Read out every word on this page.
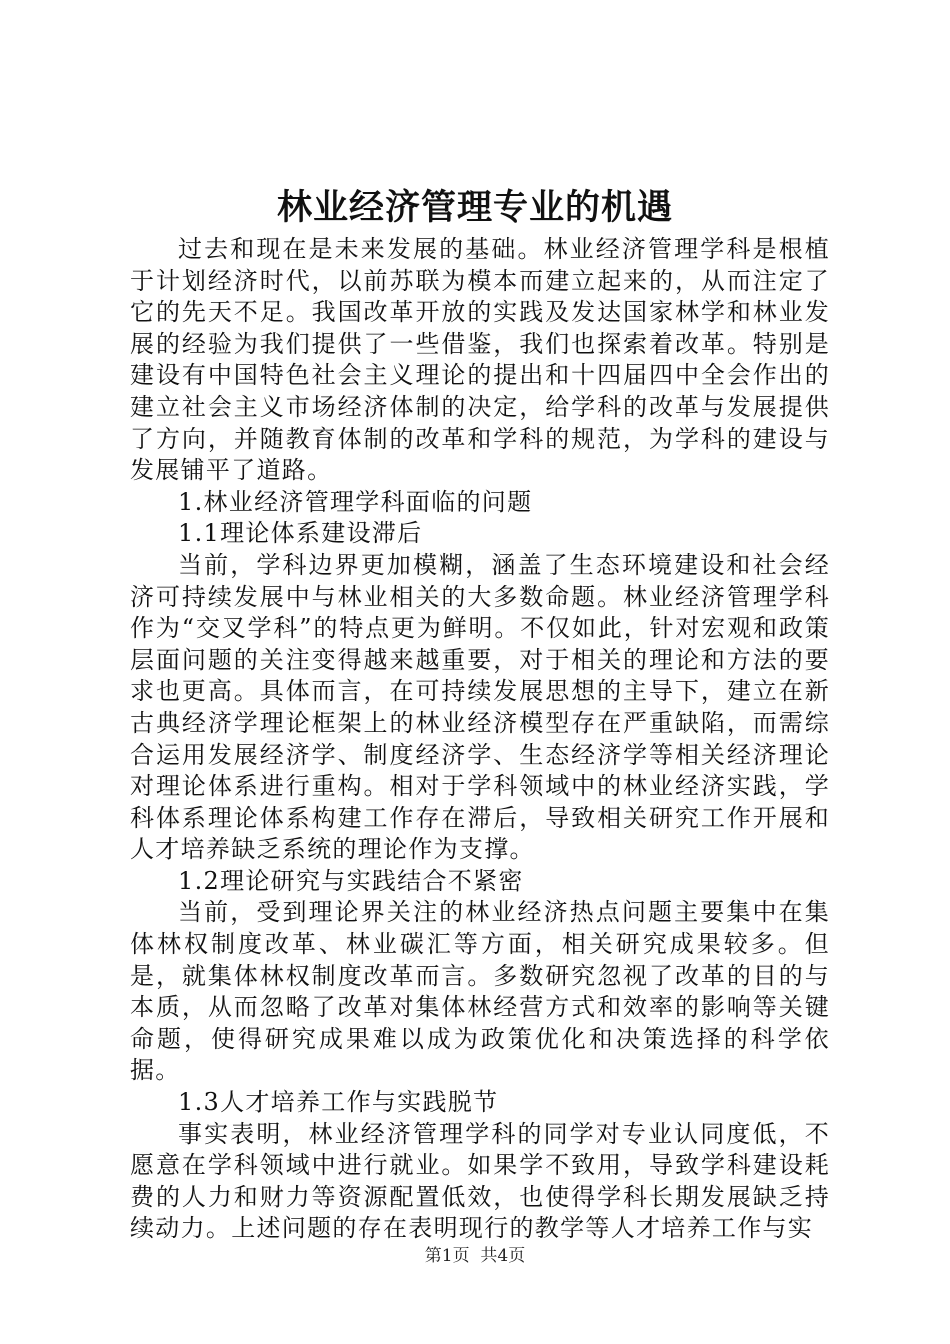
林业经济管理专业的机遇

过去和现在是未来发展的基础。林业经济管理学科是根植于计划经济时代，以前苏联为模本而建立起来的，从而注定了它的先天不足。我国改革开放的实践及发达国家林学和林业发展的经验为我们提供了一些借鉴，我们也探索着改革。特别是建设有中国特色社会主义理论的提出和十四届四中全会作出的建立社会主义市场经济体制的决定，给学科的改革与发展提供了方向，并随教育体制的改革和学科的规范，为学科的建设与发展铺平了道路。

1.林业经济管理学科面临的问题

1.1理论体系建设滞后

当前，学科边界更加模糊，涵盖了生态环境建设和社会经济可持续发展中与林业相关的大多数命题。林业经济管理学科作为“交叉学科”的特点更为鲜明。不仅如此，针对宏观和政策层面问题的关注变得越来越重要，对于相关的理论和方法的要求也更高。具体而言，在可持续发展思想的主导下，建立在新古典经济学理论框架上的林业经济模型存在严重缺陷，而需综合运用发展经济学、制度经济学、生态经济学等相关经济理论对理论体系进行重构。相对于学科领域中的林业经济实践，学科体系理论体系构建工作存在滞后，导致相关研究工作开展和人才培养缺乏系统的理论作为支撑。

1.2理论研究与实践结合不紧密

当前，受到理论界关注的林业经济热点问题主要集中在集体林权制度改革、林业碳汇等方面，相关研究成果较多。但是，就集体林权制度改革而言。多数研究忽视了改革的目的与本质，从而忽略了改革对集体林经营方式和效率的影响等关键命题，使得研究成果难以成为政策优化和决策选择的科学依据。

1.3人才培养工作与实践脱节

事实表明，林业经济管理学科的同学对专业认同度低，不愿意在学科领域中进行就业。如果学不致用，导致学科建设耗费的人力和财力等资源配置低效，也使得学科长期发展缺乏持续动力。上述问题的存在表明现行的教学等人才培养工作与实

第1页  共4页
